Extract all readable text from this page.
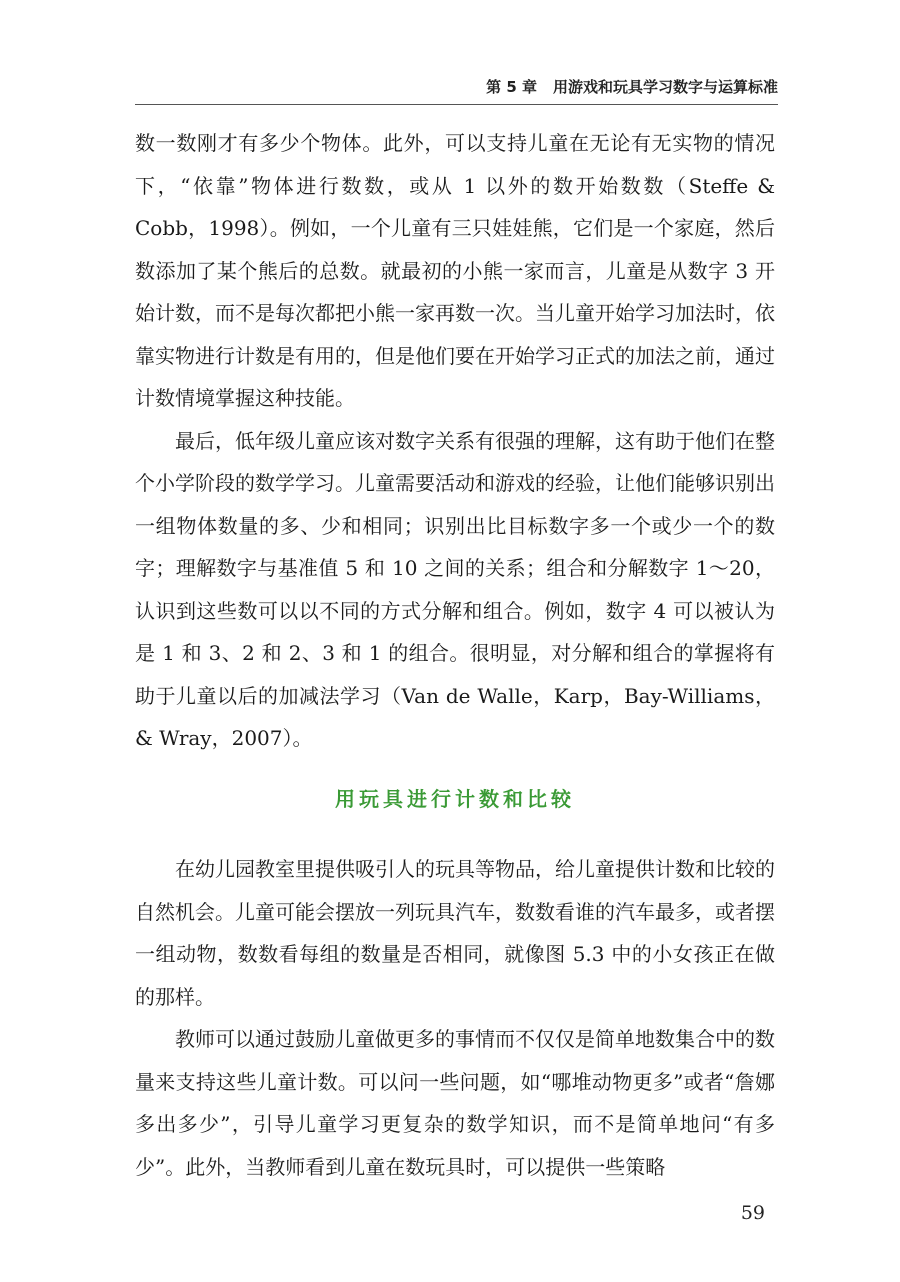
第 5 章 用游戏和玩具学习数字与运算标准

数一数刚才有多少个物体。此外，可以支持儿童在无论有无实物的情况下，“依靠”物体进行数数，或从 1 以外的数开始数数（Steffe & Cobb，1998）。例如，一个儿童有三只娃娃熊，它们是一个家庭，然后数添加了某个熊后的总数。就最初的小熊一家而言，儿童是从数字 3 开始计数，而不是每次都把小熊一家再数一次。当儿童开始学习加法时，依靠实物进行计数是有用的，但是他们要在开始学习正式的加法之前，通过计数情境掌握这种技能。

最后，低年级儿童应该对数字关系有很强的理解，这有助于他们在整个小学阶段的数学学习。儿童需要活动和游戏的经验，让他们能够识别出一组物体数量的多、少和相同；识别出比目标数字多一个或少一个的数字；理解数字与基准值 5 和 10 之间的关系；组合和分解数字 1～20，认识到这些数可以以不同的方式分解和组合。例如，数字 4 可以被认为是 1 和 3、2 和 2、3 和 1 的组合。很明显，对分解和组合的掌握将有助于儿童以后的加减法学习（Van de Walle，Karp，Bay-Williams，& Wray，2007）。

用玩具进行计数和比较

在幼儿园教室里提供吸引人的玩具等物品，给儿童提供计数和比较的自然机会。儿童可能会摆放一列玩具汽车，数数看谁的汽车最多，或者摆一组动物，数数看每组的数量是否相同，就像图 5.3 中的小女孩正在做的那样。

教师可以通过鼓励儿童做更多的事情而不仅仅是简单地数集合中的数量来支持这些儿童计数。可以问一些问题，如“哪堆动物更多”或者“詹娜多出多少”，引导儿童学习更复杂的数学知识，而不是简单地问“有多少”。此外，当教师看到儿童在数玩具时，可以提供一些策略

59
